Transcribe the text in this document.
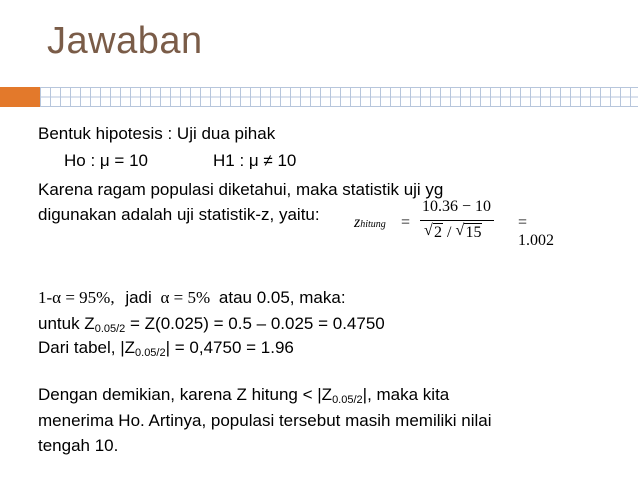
Jawaban
Bentuk hipotesis : Uji dua pihak
Ho : μ = 10	H1 : μ ≠ 10
Karena ragam populasi diketahui, maka statistik uji yg
digunakan adalah uji statistik-z, yaitu: zhitung =
10.36 − 10
√ 2 / √ 15
= 1.002
1-α = 95%, jadi α = 5% atau 0.05, maka:
untuk $Z_{0.05/2} = Z(0.025) = 0.5 - 0.025 = 0.4750$
Dari tabel, $|Z_{0.05/2}| = 0,4750 = 1.96$
Dengan demikian, karena Z hitung < $|Z_{0.05/2}|$, maka kita
menerima Ho. Artinya, populasi tersebut masih memiliki nilai
tengah 10.
